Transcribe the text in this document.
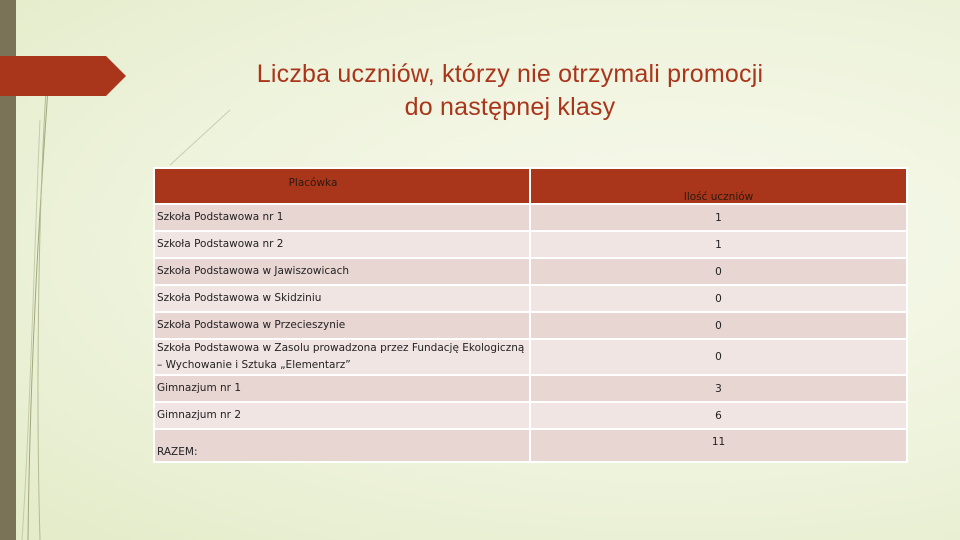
Liczba uczniów, którzy nie otrzymali promocji
do następnej klasy
Placówka	Ilość uczniów
Szkoła Podstawowa nr 1	1
Szkoła Podstawowa nr 2	1
Szkoła Podstawowa w Jawiszowicach	0
Szkoła Podstawowa w Skidziniu	0
Szkoła Podstawowa w Przecieszynie	0
Szkoła Podstawowa w Zasolu prowadzona przez Fundację Ekologiczną – Wychowanie i Sztuka „Elementarz”	0
Gimnazjum nr 1	3
Gimnazjum nr 2	6
RAZEM:	11
